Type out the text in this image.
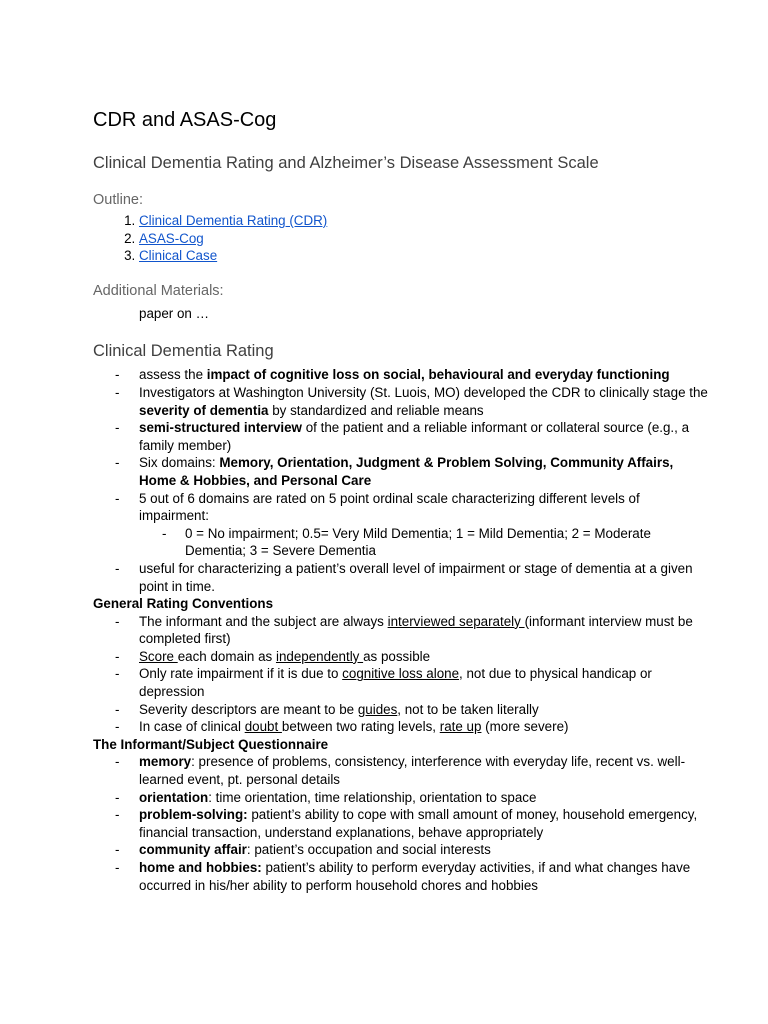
CDR and ASAS-Cog
Clinical Dementia Rating and Alzheimer’s Disease Assessment Scale
Outline:
1. Clinical Dementia Rating (CDR)
2. ASAS-Cog
3. Clinical Case
Additional Materials:
paper on …
Clinical Dementia Rating
- assess the impact of cognitive loss on social, behavioural and everyday functioning
- Investigators at Washington University (St. Luois, MO) developed the CDR to clinically stage the severity of dementia by standardized and reliable means
- semi-structured interview of the patient and a reliable informant or collateral source (e.g., a family member)
- Six domains: Memory, Orientation, Judgment & Problem Solving, Community Affairs, Home & Hobbies, and Personal Care
- 5 out of 6 domains are rated on 5 point ordinal scale characterizing different levels of impairment:
- 0 = No impairment; 0.5= Very Mild Dementia; 1 = Mild Dementia; 2 = Moderate Dementia; 3 = Severe Dementia
- useful for characterizing a patient’s overall level of impairment or stage of dementia at a given point in time.
General Rating Conventions
- The informant and the subject are always interviewed separately (informant interview must be completed first)
- Score each domain as independently as possible
- Only rate impairment if it is due to cognitive loss alone, not due to physical handicap or depression
- Severity descriptors are meant to be guides, not to be taken literally
- In case of clinical doubt between two rating levels, rate up (more severe)
The Informant/Subject Questionnaire
- memory: presence of problems, consistency, interference with everyday life, recent vs. well-learned event, pt. personal details
- orientation: time orientation, time relationship, orientation to space
- problem-solving: patient’s ability to cope with small amount of money, household emergency, financial transaction, understand explanations, behave appropriately
- community affair: patient’s occupation and social interests
- home and hobbies: patient’s ability to perform everyday activities, if and what changes have occurred in his/her ability to perform household chores and hobbies
